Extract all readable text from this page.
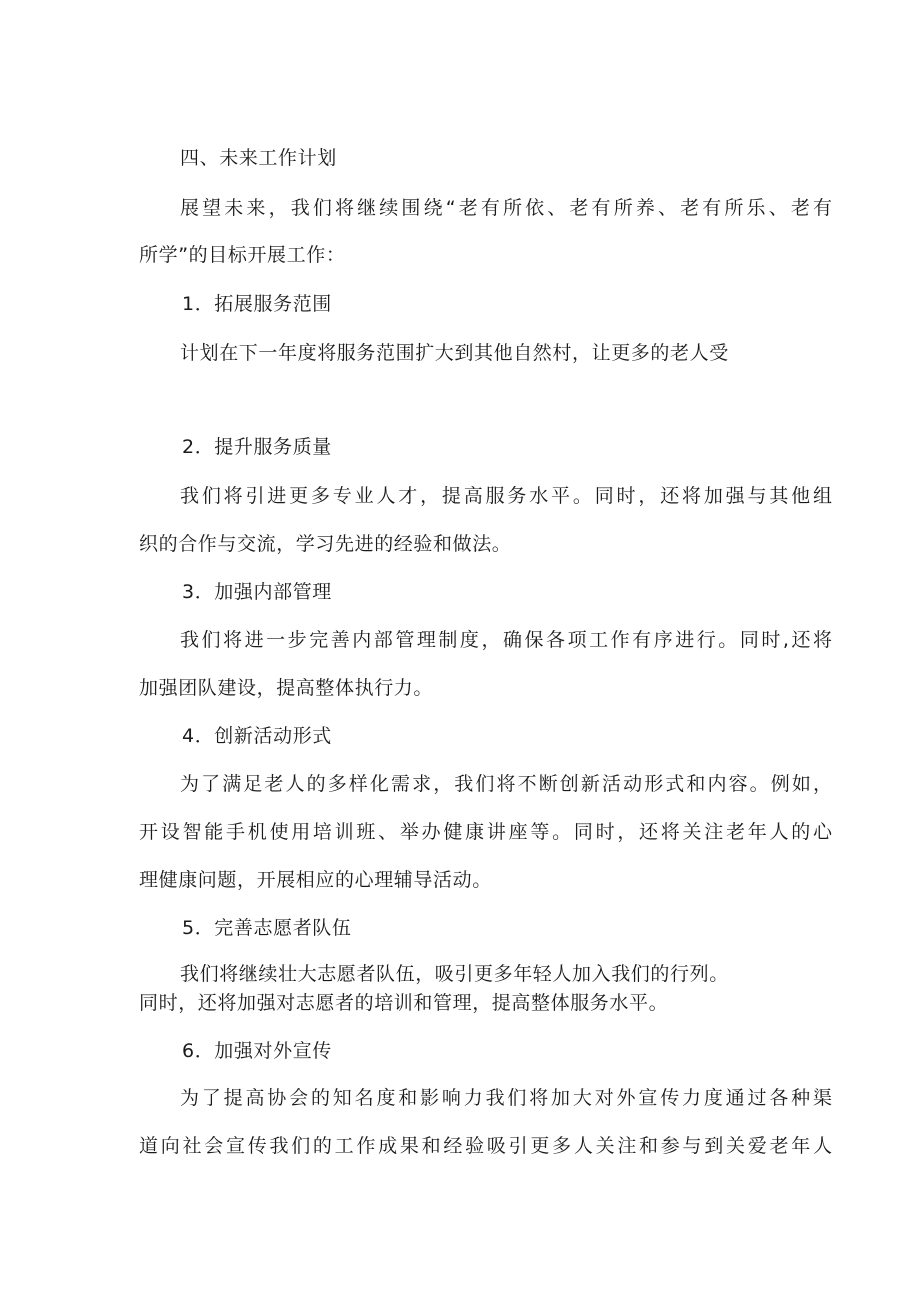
四、未来工作计划
展望未来，我们将继续围绕“老有所依、老有所养、老有所乐、老有
所学”的目标开展工作：
1．拓展服务范围
计划在下一年度将服务范围扩大到其他自然村，让更多的老人受
2．提升服务质量
我们将引进更多专业人才，提高服务水平。同时，还将加强与其他组
织的合作与交流，学习先进的经验和做法。
3．加强内部管理
我们将进一步完善内部管理制度，确保各项工作有序进行。同时,还将
加强团队建设，提高整体执行力。
4．创新活动形式
为了满足老人的多样化需求，我们将不断创新活动形式和内容。例如，
开设智能手机使用培训班、举办健康讲座等。同时，还将关注老年人的心
理健康问题，开展相应的心理辅导活动。
5．完善志愿者队伍
我们将继续壮大志愿者队伍，吸引更多年轻人加入我们的行列。
同时，还将加强对志愿者的培训和管理，提高整体服务水平。
6．加强对外宣传
为了提高协会的知名度和影响力我们将加大对外宣传力度通过各种渠
道向社会宣传我们的工作成果和经验吸引更多人关注和参与到关爱老年人
